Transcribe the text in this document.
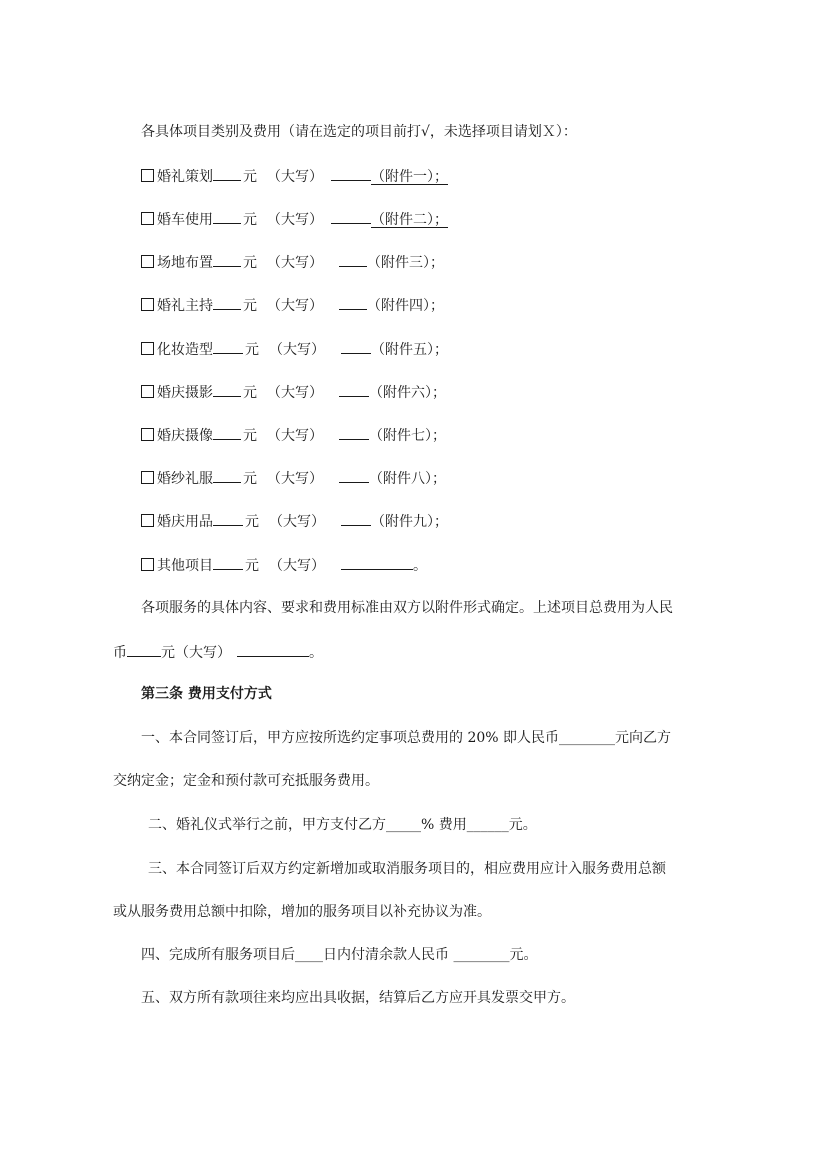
各具体项目类别及费用（请在选定的项目前打√，未选择项目请划Ｘ）：
婚礼策划 元 （大写）	（附件一）；
婚车使用 元 （大写）	（附件二）；
场地布置 元 （大写）	（附件三）；
婚礼主持 元 （大写）	（附件四）；
化妆造型 元 （大写）	（附件五）；
婚庆摄影 元 （大写）	（附件六）；
婚庆摄像 元 （大写）	（附件七）；
婚纱礼服 元 （大写）	（附件八）；
婚庆用品 元 （大写）	（附件九）；
其他项目 元 （大写）	。
各项服务的具体内容、要求和费用标准由双方以附件形式确定。上述项目总费用为人民
币 元（大写）	。
第三条 费用支付方式
一、本合同签订后，甲方应按所选约定事项总费用的 20% 即人民币________元向乙方
交纳定金；定金和预付款可充抵服务费用。
二、婚礼仪式举行之前，甲方支付乙方_____% 费用______元。
三、本合同签订后双方约定新增加或取消服务项目的，相应费用应计入服务费用总额
或从服务费用总额中扣除，增加的服务项目以补充协议为准。
四、完成所有服务项目后____日内付清余款人民币 ________元。
五、双方所有款项往来均应出具收据，结算后乙方应开具发票交甲方。
